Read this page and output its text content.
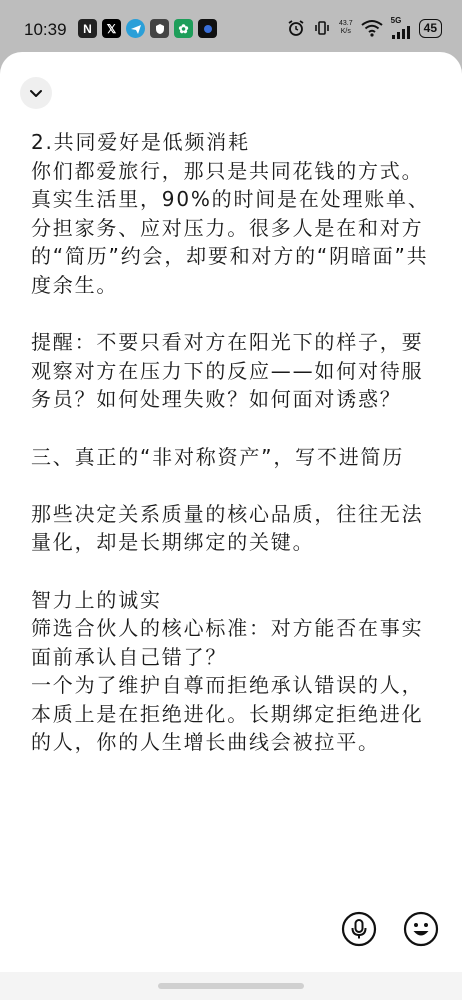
10:39	N	𝕏	✿	43.7
K/s
5G	45

2.共同爱好是低频消耗

你们都爱旅行，那只是共同花钱的方式。真实生活里，90%的时间是在处理账单、分担家务、应对压力。很多人是在和对方的“简历”约会，却要和对方的“阴暗面”共度余生。

提醒：不要只看对方在阳光下的样子，要观察对方在压力下的反应——如何对待服务员？如何处理失败？如何面对诱惑？

三、真正的“非对称资产”，写不进简历

那些决定关系质量的核心品质，往往无法量化，却是长期绑定的关键。

智力上的诚实

筛选合伙人的核心标准：对方能否在事实面前承认自己错了？

一个为了维护自尊而拒绝承认错误的人，本质上是在拒绝进化。长期绑定拒绝进化的人，你的人生增长曲线会被拉平。
